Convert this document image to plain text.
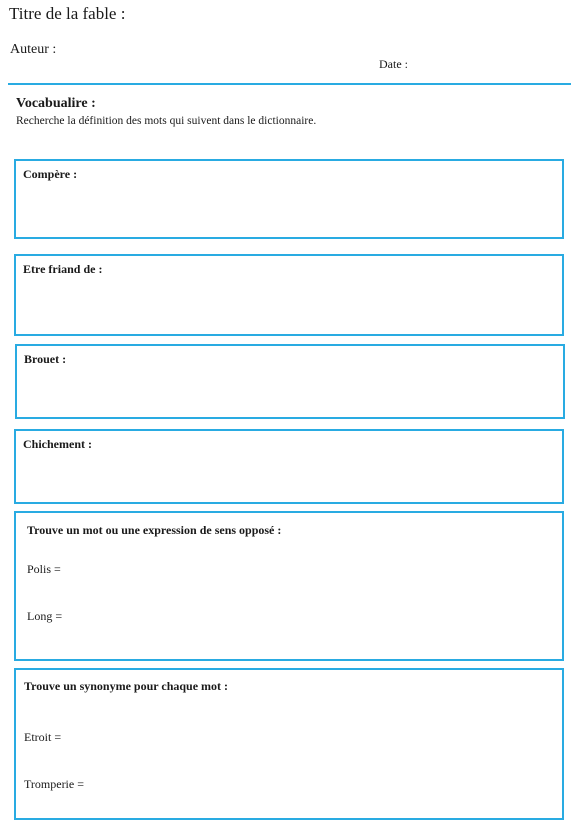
Titre de la fable :
Auteur :
Date :
Vocabualire :
Recherche la définition des mots qui suivent dans le dictionnaire.
Compère :
Etre friand de :
Brouet :
Chichement :
Trouve un mot ou une expression de sens opposé :
Polis =
Long =
Trouve un synonyme pour chaque mot :
Etroit =
Tromperie =
